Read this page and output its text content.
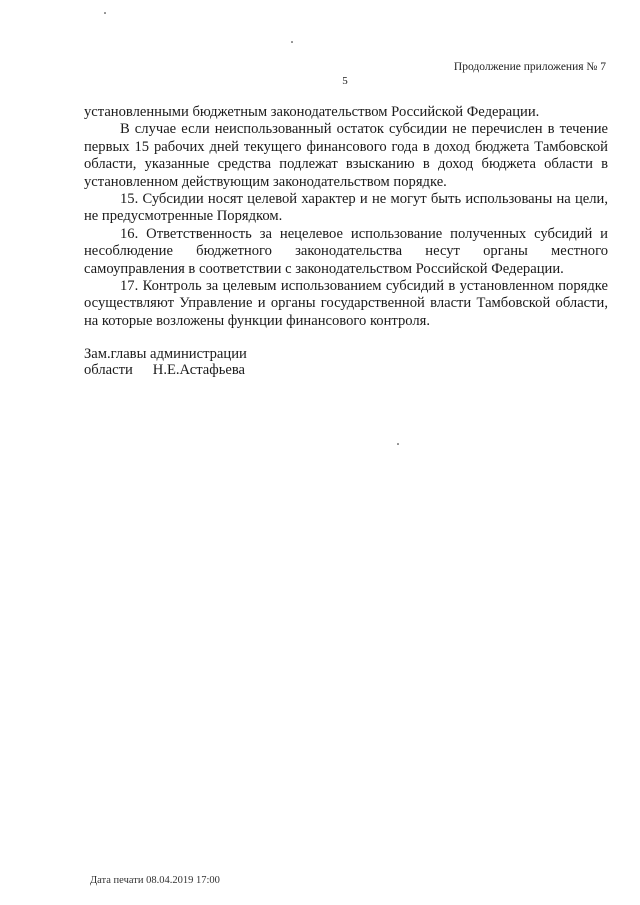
Продолжение приложения № 7
5

установленными бюджетным законодательством Российской Федерации.

В случае если неиспользованный остаток субсидии не перечислен в течение первых 15 рабочих дней текущего финансового года в доход бюджета Тамбовской области, указанные средства подлежат взысканию в доход бюджета области в установленном действующим законодательством порядке.

15. Субсидии носят целевой характер и не могут быть использованы на цели, не предусмотренные Порядком.

16. Ответственность за нецелевое использование полученных субсидий и несоблюдение бюджетного законодательства несут органы местного самоуправления в соответствии с законодательством Российской Федерации.

17. Контроль за целевым использованием субсидий в установленном порядке осуществляют Управление и органы государственной власти Тамбовской области, на которые возложены функции финансового контроля.

Зам.главы администрации
области Н.Е.Астафьева
Дата печати 08.04.2019 17:00
